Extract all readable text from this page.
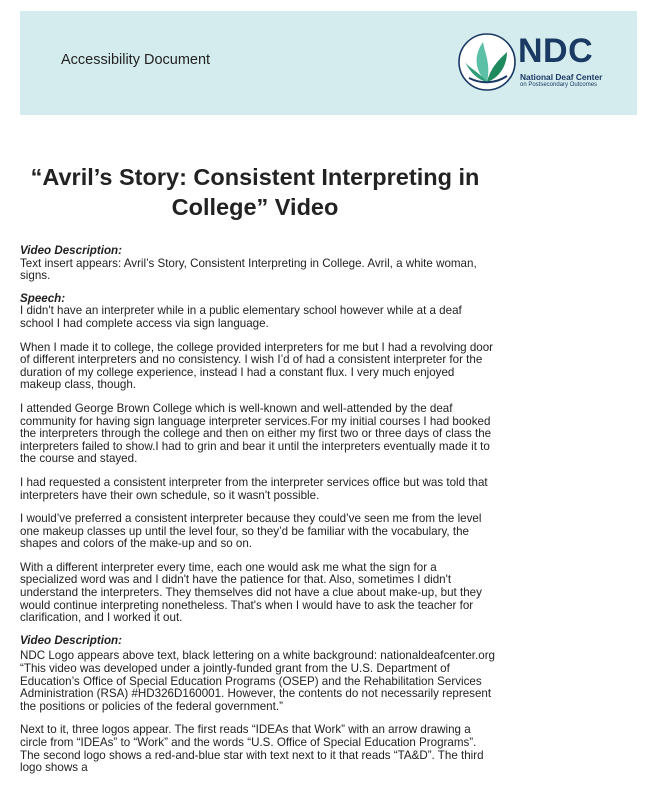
Accessibility Document	NDC
National Deaf Center
on Postsecondary Outcomes
“Avril’s Story: Consistent Interpreting in
College” Video
Video Description:

Text insert appears: Avril’s Story, Consistent Interpreting in College. Avril, a white woman, signs.

Speech:

I didn't have an interpreter while in a public elementary school however while at a deaf school I had complete access via sign language.

When I made it to college, the college provided interpreters for me but I had a revolving door of different interpreters and no consistency. I wish I’d of had a consistent interpreter for the duration of my college experience, instead I had a constant flux. I very much enjoyed makeup class, though.

I attended George Brown College which is well-known and well-attended by the deaf community for having sign language interpreter services.For my initial courses I had booked the interpreters through the college and then on either my first two or three days of class the interpreters failed to show.I had to grin and bear it until the interpreters eventually made it to the course and stayed.

I had requested a consistent interpreter from the interpreter services office but was told that interpreters have their own schedule, so it wasn't possible.

I would’ve preferred a consistent interpreter because they could’ve seen me from the level one makeup classes up until the level four, so they’d be familiar with the vocabulary, the shapes and colors of the make-up and so on.

With a different interpreter every time, each one would ask me what the sign for a specialized word was and I didn't have the patience for that. Also, sometimes I didn't understand the interpreters. They themselves did not have a clue about make-up, but they would continue interpreting nonetheless. That's when I would have to ask the teacher for clarification, and I worked it out.

Video Description:

NDC Logo appears above text, black lettering on a white background: nationaldeafcenter.org “This video was developed under a jointly-funded grant from the U.S. Department of Education’s Office of Special Education Programs (OSEP) and the Rehabilitation Services Administration (RSA) #HD326D160001. However, the contents do not necessarily represent the positions or policies of the federal government.”

Next to it, three logos appear. The first reads “IDEAs that Work” with an arrow drawing a circle from “IDEAs” to “Work” and the words “U.S. Office of Special Education Programs”. The second logo shows a red-and-blue star with text next to it that reads “TA&D”. The third logo shows a
